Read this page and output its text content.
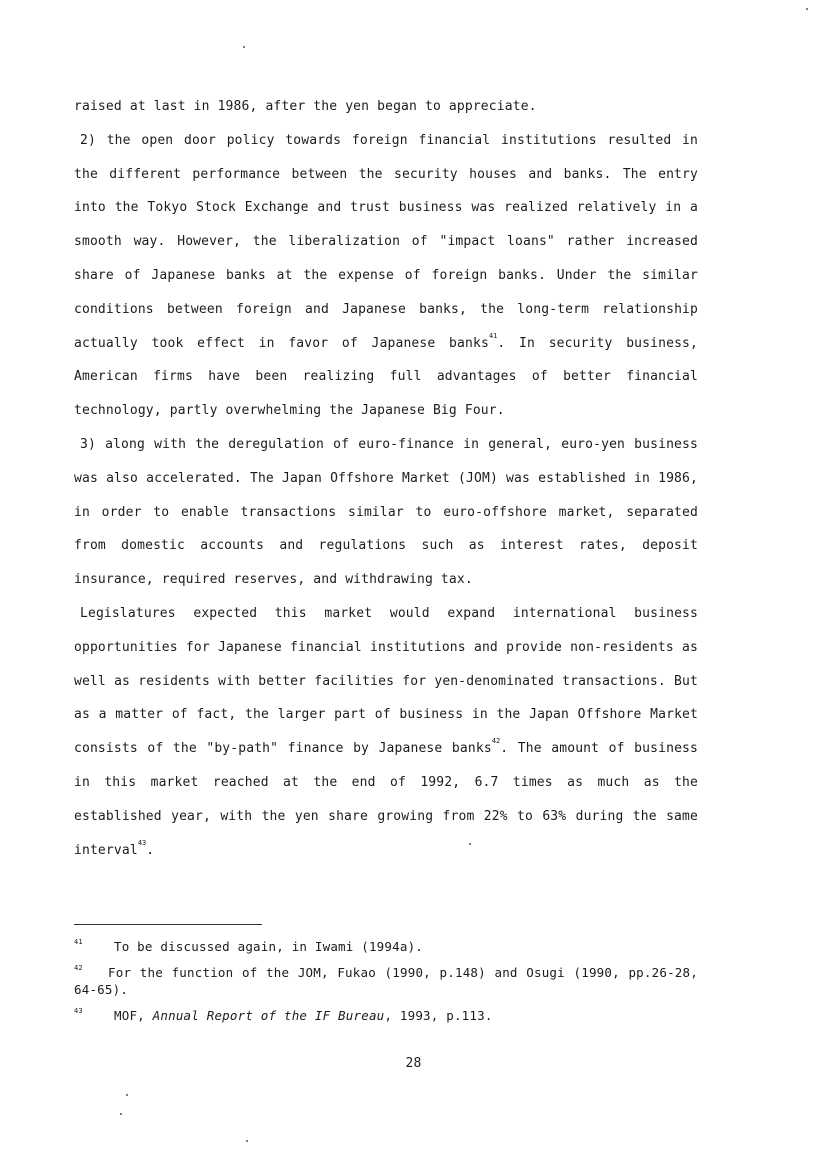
raised at last in 1986, after the yen began to appreciate.

2) the open door policy towards foreign financial institutions resulted in the different performance between the security houses and banks. The entry into the Tokyo Stock Exchange and trust business was realized relatively in a smooth way. However, the liberalization of "impact loans" rather increased share of Japanese banks at the expense of foreign banks. Under the similar conditions between foreign and Japanese banks, the long-term relationship actually took effect in favor of Japanese banks$^{41}$. In security business, American firms have been realizing full advantages of better financial technology, partly overwhelming the Japanese Big Four.

3) along with the deregulation of euro-finance in general, euro-yen business was also accelerated. The Japan Offshore Market (JOM) was established in 1986, in order to enable transactions similar to euro-offshore market, separated from domestic accounts and regulations such as interest rates, deposit insurance, required reserves, and withdrawing tax.

Legislatures expected this market would expand international business opportunities for Japanese financial institutions and provide non-residents as well as residents with better facilities for yen-denominated transactions. But as a matter of fact, the larger part of business in the Japan Offshore Market consists of the "by-path" finance by Japanese banks$^{42}$. The amount of business in this market reached at the end of 1992, 6.7 times as much as the established year, with the yen share growing from 22% to 63% during the same interval$^{43}$.

$^{41}$ To be discussed again, in Iwami (1994a).

$^{42}$ For the function of the JOM, Fukao (1990, p.148) and Osugi (1990, pp.26-28, 64-65).

$^{43}$ MOF, Annual Report of the IF Bureau, 1993, p.113.

28
